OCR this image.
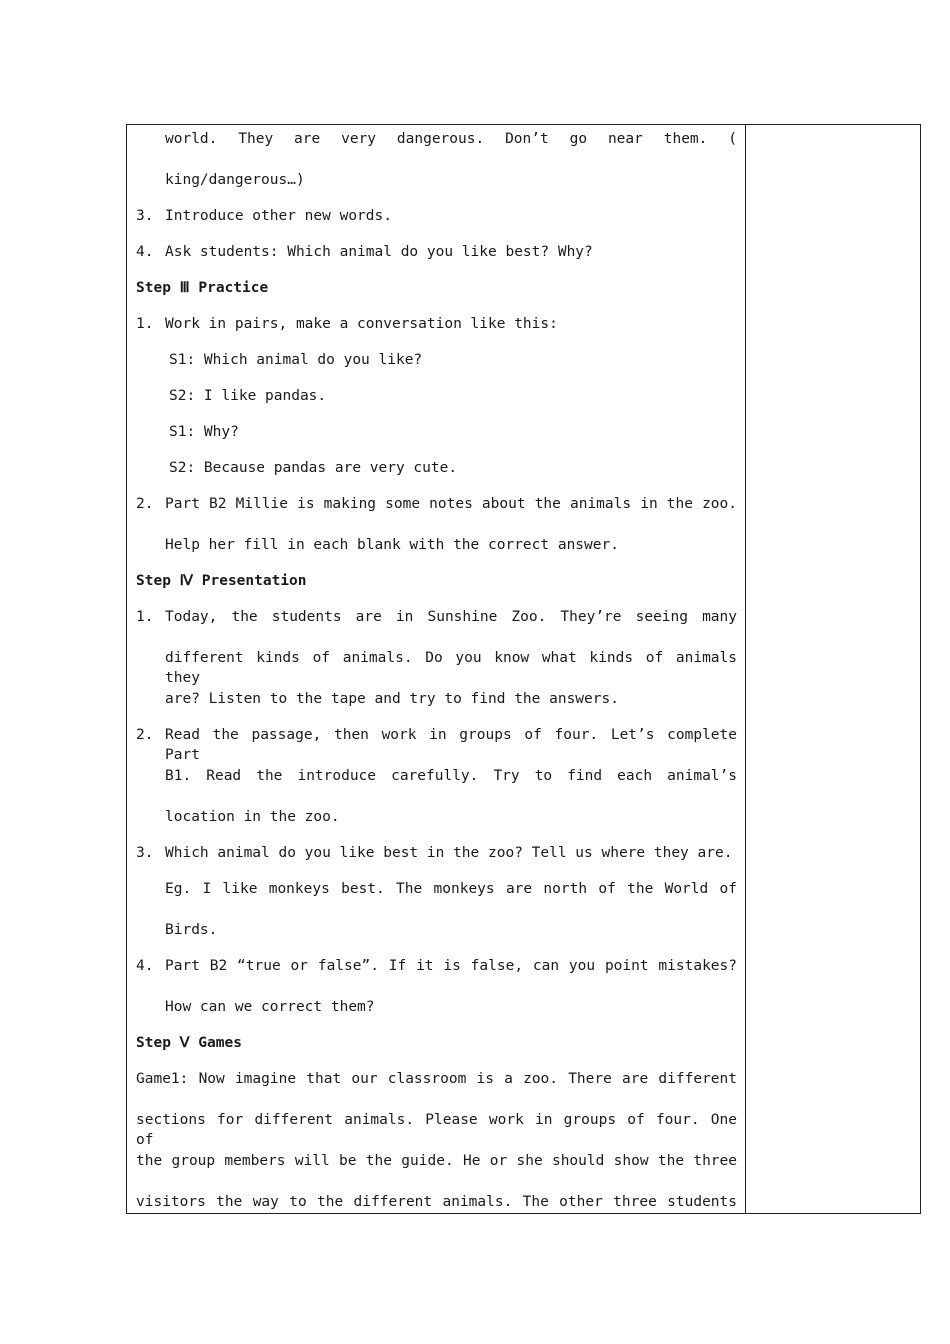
world. They are very dangerous. Don’t go near them. (
king/dangerous…)
3. Introduce other new words.
4. Ask students: Which animal do you like best? Why?
Step Ⅲ Practice
1. Work in pairs, make a conversation like this:
S1: Which animal do you like?
S2: I like pandas.
S1: Why?
S2: Because pandas are very cute.
2. Part B2 Millie is making some notes about the animals in the zoo.
Help her fill in each blank with the correct answer.
Step Ⅳ Presentation
1. Today, the students are in Sunshine Zoo. They’re seeing many
different kinds of animals. Do you know what kinds of animals they
are? Listen to the tape and try to find the answers.
2. Read the passage, then work in groups of four. Let’s complete Part
B1. Read the introduce carefully. Try to find each animal’s
location in the zoo.
3. Which animal do you like best in the zoo? Tell us where they are.
Eg. I like monkeys best. The monkeys are north of the World of
Birds.
4. Part B2 “true or false”. If it is false, can you point mistakes?
How can we correct them?
Step Ⅴ Games
Game1: Now imagine that our classroom is a zoo. There are different
sections for different animals. Please work in groups of four. One of
the group members will be the guide. He or she should show the three
visitors the way to the different animals. The other three students
